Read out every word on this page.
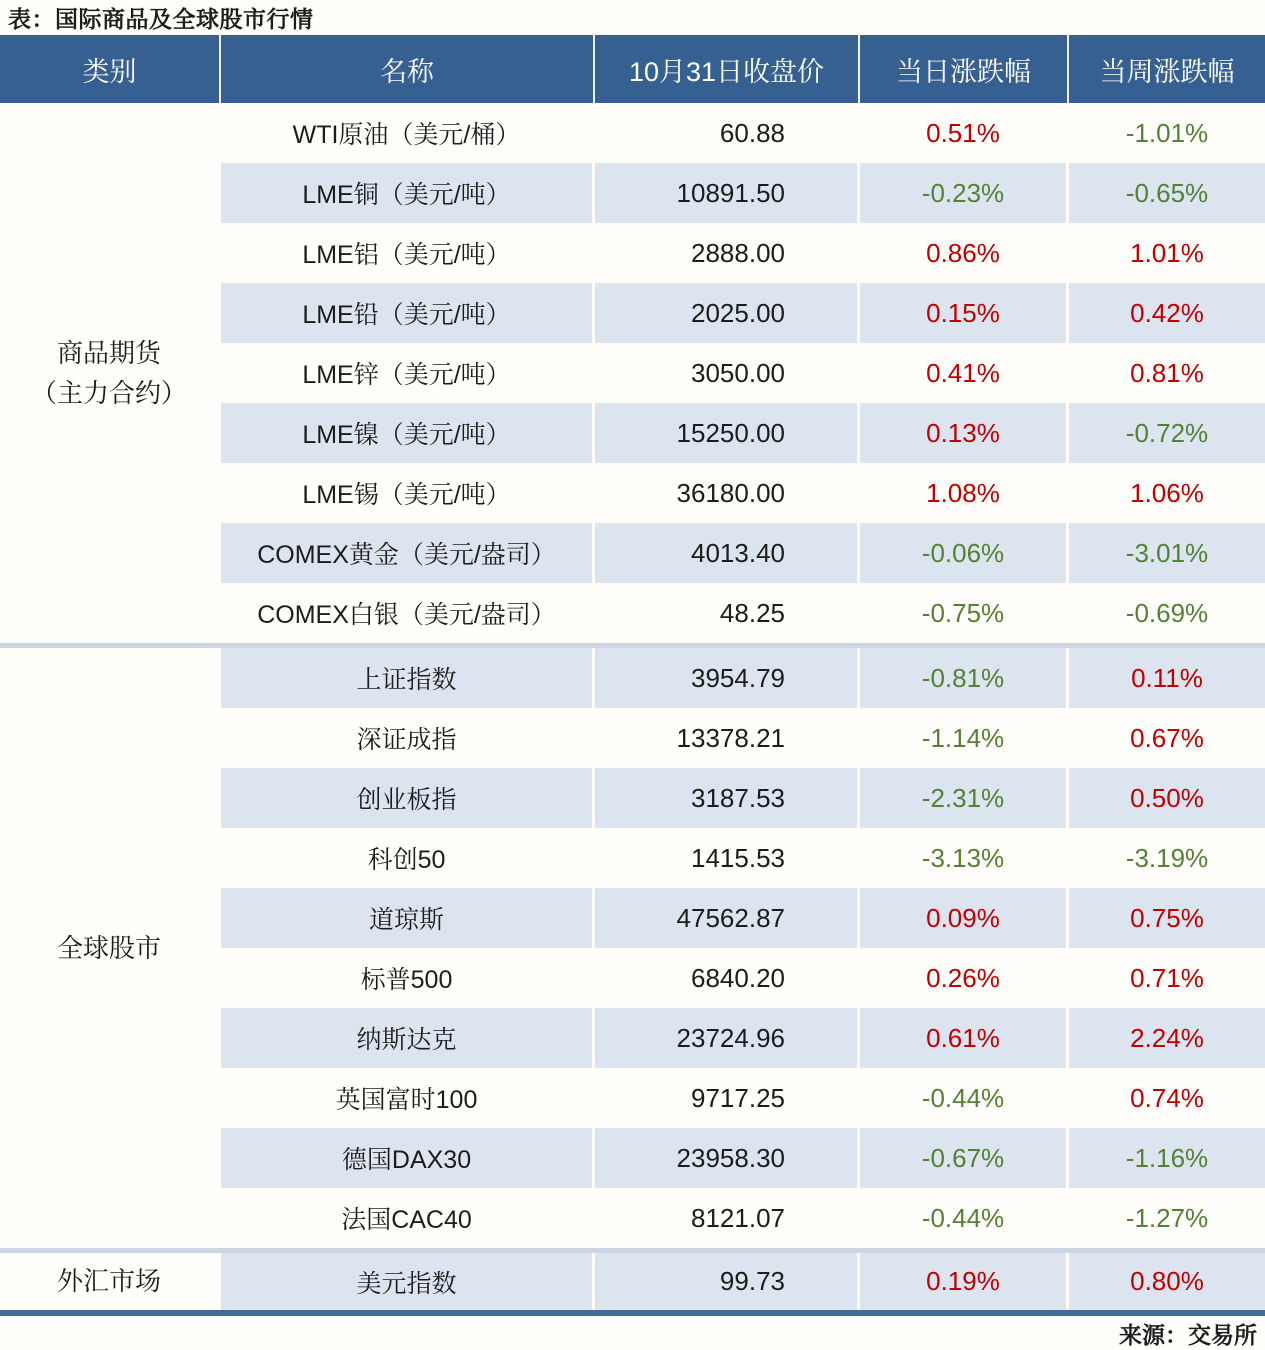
表：国际商品及全球股市行情
类别	名称	10月31日收盘价	当日涨跌幅	当周涨跌幅
商品期货
（主力合约）
WTI原油（美元/桶）	60.88	0.51%	-1.01%
LME铜（美元/吨）	10891.50	-0.23%	-0.65%
LME铝（美元/吨）	2888.00	0.86%	1.01%
LME铅（美元/吨）	2025.00	0.15%	0.42%
LME锌（美元/吨）	3050.00	0.41%	0.81%
LME镍（美元/吨）	15250.00	0.13%	-0.72%
LME锡（美元/吨）	36180.00	1.08%	1.06%
COMEX黄金（美元/盎司）	4013.40	-0.06%	-3.01%
COMEX白银（美元/盎司）	48.25	-0.75%	-0.69%
全球股市
上证指数	3954.79	-0.81%	0.11%
深证成指	13378.21	-1.14%	0.67%
创业板指	3187.53	-2.31%	0.50%
科创50	1415.53	-3.13%	-3.19%
道琼斯	47562.87	0.09%	0.75%
标普500	6840.20	0.26%	0.71%
纳斯达克	23724.96	0.61%	2.24%
英国富时100	9717.25	-0.44%	0.74%
德国DAX30	23958.30	-0.67%	-1.16%
法国CAC40	8121.07	-0.44%	-1.27%
外汇市场	美元指数	99.73	0.19%	0.80%
来源：交易所
